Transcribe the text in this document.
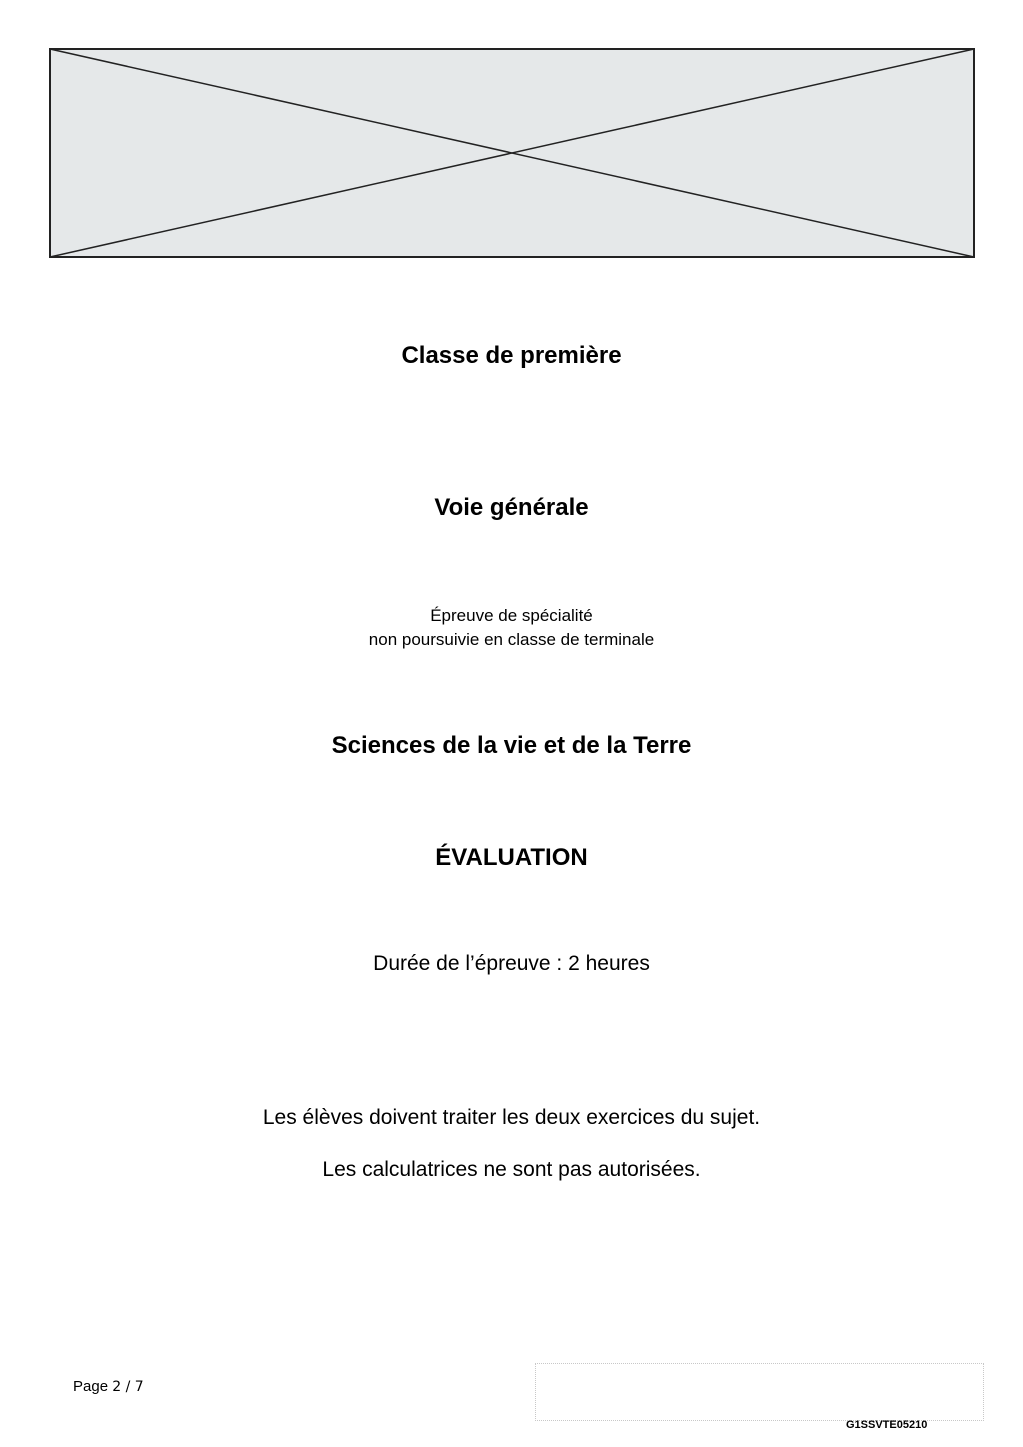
Classe de première
Voie générale
Épreuve de spécialité
non poursuivie en classe de terminale
Sciences de la vie et de la Terre
ÉVALUATION
Durée de l’épreuve : 2 heures
Les élèves doivent traiter les deux exercices du sujet.
Les calculatrices ne sont pas autorisées.
Page 2 / 7
G1SSVTE05210
